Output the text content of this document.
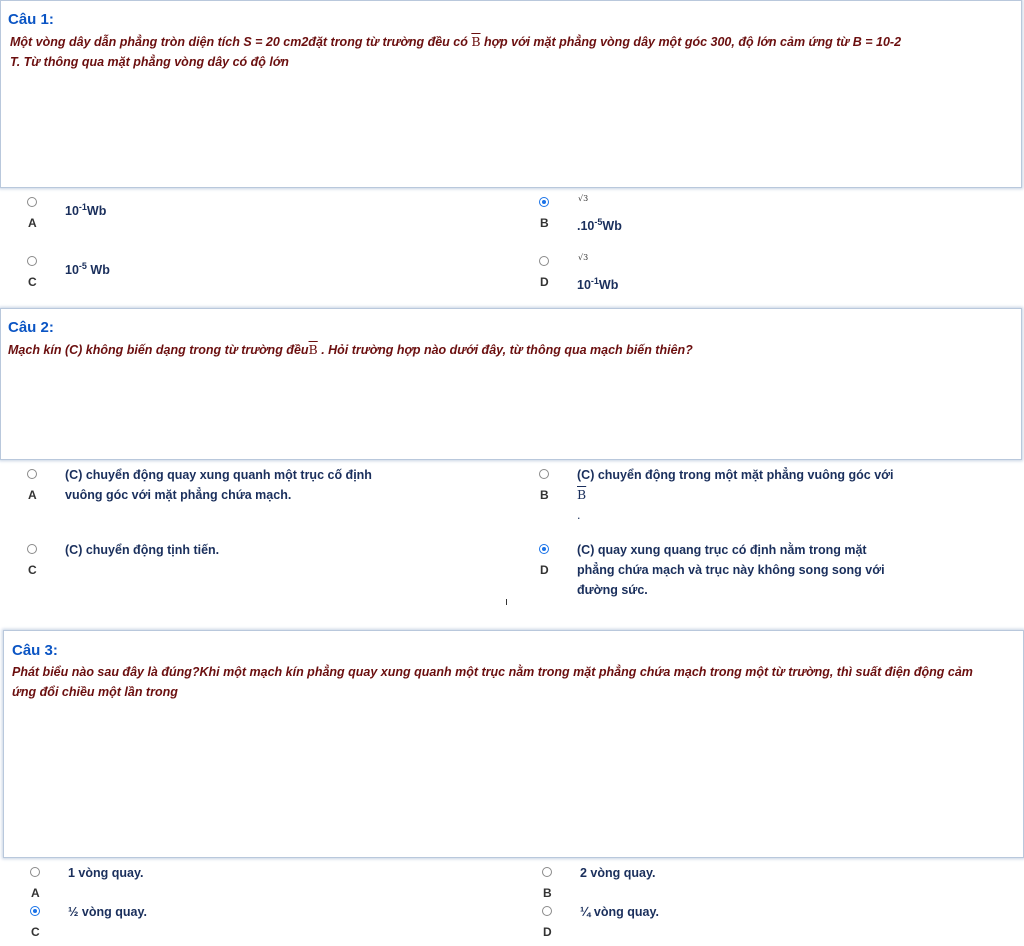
Câu 1:
Một vòng dây dẫn phẳng tròn diện tích S = 20 cm2đặt trong từ trường đều có $\overline{B}$ hợp với mặt phẳng vòng dây một góc 300, độ lớn cảm ứng từ B = 10-2
T. Từ thông qua mặt phẳng vòng dây có độ lớn
A
$10^{-1}Wb$
B
√3
$.10^{-5}Wb$
C
$10^{-5}$ Wb
D
√3
$10^{-1}Wb$
Câu 2:
Mạch kín (C) không biến dạng trong từ trường $đều\overline{B}$ . Hỏi trường hợp nào dưới đây, từ thông qua mạch biến thiên?
A
(C) chuyển động quay xung quanh một trục cố định
vuông góc với mặt phẳng chứa mạch.	B
(C) chuyển động trong một mặt phẳng vuông góc với
$\overline{B}$
.
C
(C) chuyển động tịnh tiến.
D
(C) quay xung quang trục có định nằm trong mặt
phẳng chứa mạch và trục này không song song với
đường sức.
Câu 3:
Phát biểu nào sau đây là đúng?Khi một mạch kín phẳng quay xung quanh một trục nằm trong mặt phẳng chứa mạch trong một từ trường, thì suất điện động cảm
ứng đổi chiều một lần trong
A
1 vòng quay.
B
2 vòng quay.
C
½ vòng quay.
D
¼ vòng quay.
